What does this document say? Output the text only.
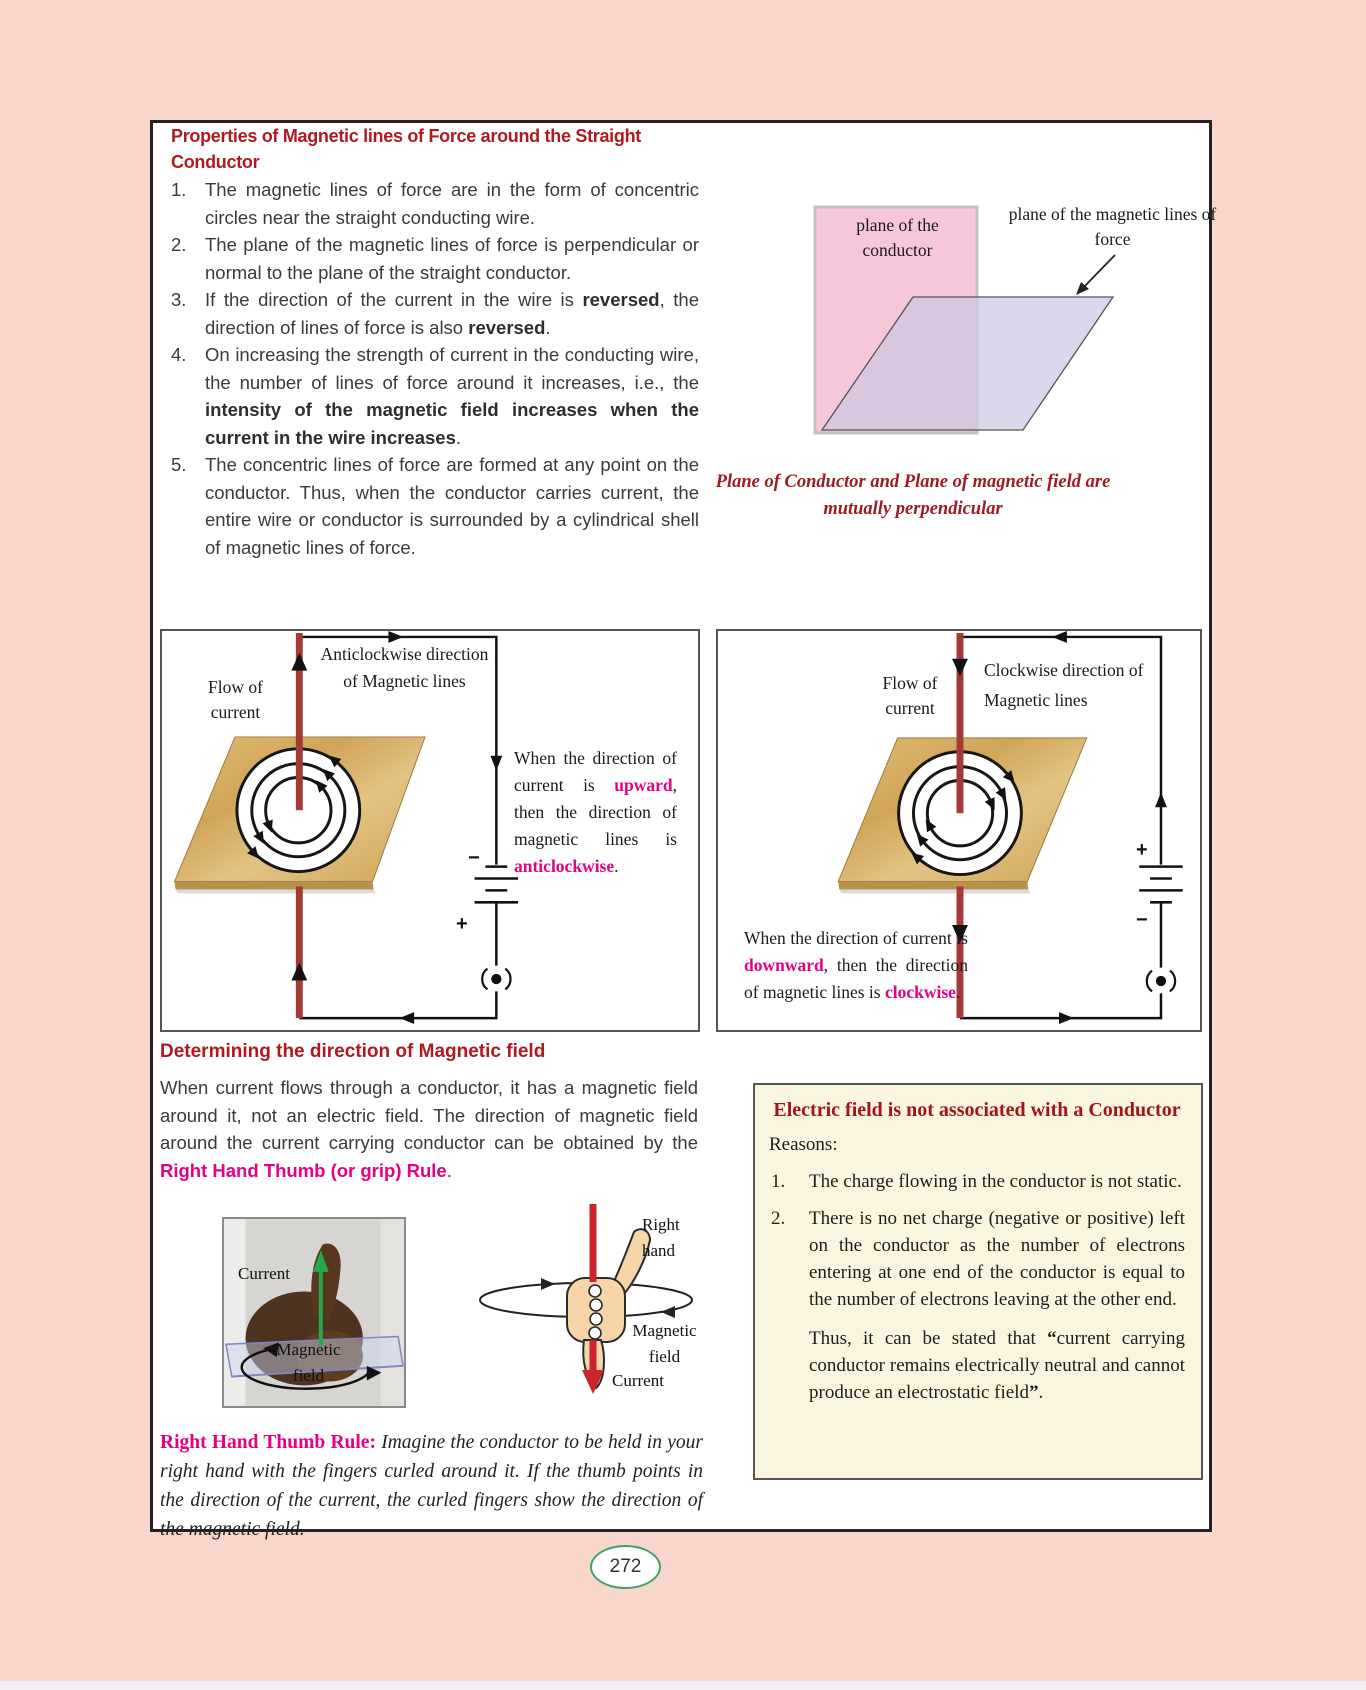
Properties of Magnetic lines of Force around the Straight Conductor
1. The magnetic lines of force are in the form of concentric circles near the straight conducting wire.
2. The plane of the magnetic lines of force is perpendicular or normal to the plane of the straight conductor.
3. If the direction of the current in the wire is reversed, the direction of lines of force is also reversed.
4. On increasing the strength of current in the conducting wire, the number of lines of force around it increases, i.e., the intensity of the magnetic field increases when the current in the wire increases.
5. The concentric lines of force are formed at any point on the conductor. Thus, when the conductor carries current, the entire wire or conductor is surrounded by a cylindrical shell of magnetic lines of force.
plane of the conductor
plane of the magnetic lines of force
Plane of Conductor and Plane of magnetic field are mutually perpendicular
Flow of current
Anticlockwise direction of Magnetic lines
−
+
When the direction of current is upward, then the direction of magnetic lines is anticlockwise.
Flow of current
Clockwise direction of Magnetic lines
+
−
When the direction of current is downward, then the direction of magnetic lines is clockwise.
Determining the direction of Magnetic field
When current flows through a conductor, it has a magnetic field around it, not an electric field. The direction of magnetic field around the current carrying conductor can be obtained by the Right Hand Thumb (or grip) Rule.
Current
Magnetic field
Right hand
Magnetic field
Current
Right Hand Thumb Rule: Imagine the conductor to be held in your right hand with the fingers curled around it. If the thumb points in the direction of the current, the curled fingers show the direction of the magnetic field.
Electric field is not associated with a Conductor
Reasons:
1. The charge flowing in the conductor is not static.
2. There is no net charge (negative or positive) left on the conductor as the number of electrons entering at one end of the conductor is equal to the number of electrons leaving at the other end.
Thus, it can be stated that “current carrying conductor remains electrically neutral and cannot produce an electrostatic field”.
272
